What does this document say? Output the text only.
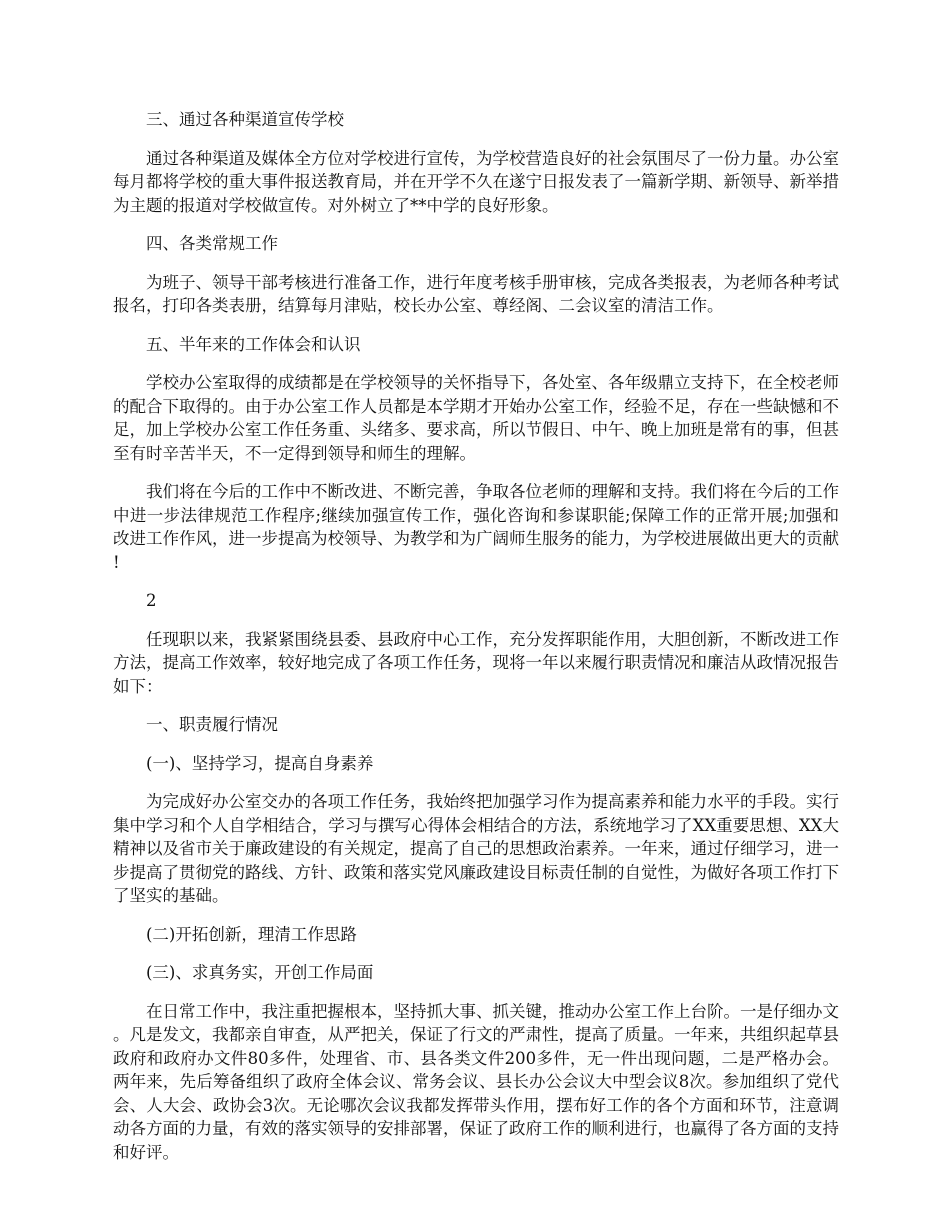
三、通过各种渠道宣传学校

通过各种渠道及媒体全方位对学校进行宣传，为学校营造良好的社会氛围尽了一份力量。办公室每月都将学校的重大事件报送教育局，并在开学不久在遂宁日报发表了一篇新学期、新领导、新举措为主题的报道对学校做宣传。对外树立了**中学的良好形象。

四、各类常规工作

为班子、领导干部考核进行准备工作，进行年度考核手册审核，完成各类报表，为老师各种考试报名，打印各类表册，结算每月津贴，校长办公室、尊经阁、二会议室的清洁工作。

五、半年来的工作体会和认识

学校办公室取得的成绩都是在学校领导的关怀指导下，各处室、各年级鼎立支持下，在全校老师的配合下取得的。由于办公室工作人员都是本学期才开始办公室工作，经验不足，存在一些缺憾和不足，加上学校办公室工作任务重、头绪多、要求高，所以节假日、中午、晚上加班是常有的事，但甚至有时辛苦半天，不一定得到领导和师生的理解。

我们将在今后的工作中不断改进、不断完善，争取各位老师的理解和支持。我们将在今后的工作中进一步法律规范工作程序;继续加强宣传工作，强化咨询和参谋职能;保障工作的正常开展;加强和改进工作作风，进一步提高为校领导、为教学和为广阔师生服务的能力，为学校进展做出更大的贡献!

2

任现职以来，我紧紧围绕县委、县政府中心工作，充分发挥职能作用，大胆创新，不断改进工作方法，提高工作效率，较好地完成了各项工作任务，现将一年以来履行职责情况和廉洁从政情况报告如下：

一、职责履行情况

(一)、坚持学习，提高自身素养

为完成好办公室交办的各项工作任务，我始终把加强学习作为提高素养和能力水平的手段。实行集中学习和个人自学相结合，学习与撰写心得体会相结合的方法，系统地学习了XX重要思想、XX大精神以及省市关于廉政建设的有关规定，提高了自己的思想政治素养。一年来，通过仔细学习，进一步提高了贯彻党的路线、方针、政策和落实党风廉政建设目标责任制的自觉性，为做好各项工作打下了坚实的基础。

(二)开拓创新，理清工作思路

(三)、求真务实，开创工作局面

在日常工作中，我注重把握根本，坚持抓大事、抓关键，推动办公室工作上台阶。一是仔细办文。凡是发文，我都亲自审查，从严把关，保证了行文的严肃性，提高了质量。一年来，共组织起草县政府和政府办文件80多件，处理省、市、县各类文件200多件，无一件出现问题，二是严格办会。两年来，先后筹备组织了政府全体会议、常务会议、县长办公会议大中型会议8次。参加组织了党代会、人大会、政协会3次。无论哪次会议我都发挥带头作用，摆布好工作的各个方面和环节，注意调动各方面的力量，有效的落实领导的安排部署，保证了政府工作的顺利进行，也赢得了各方面的支持和好评。
